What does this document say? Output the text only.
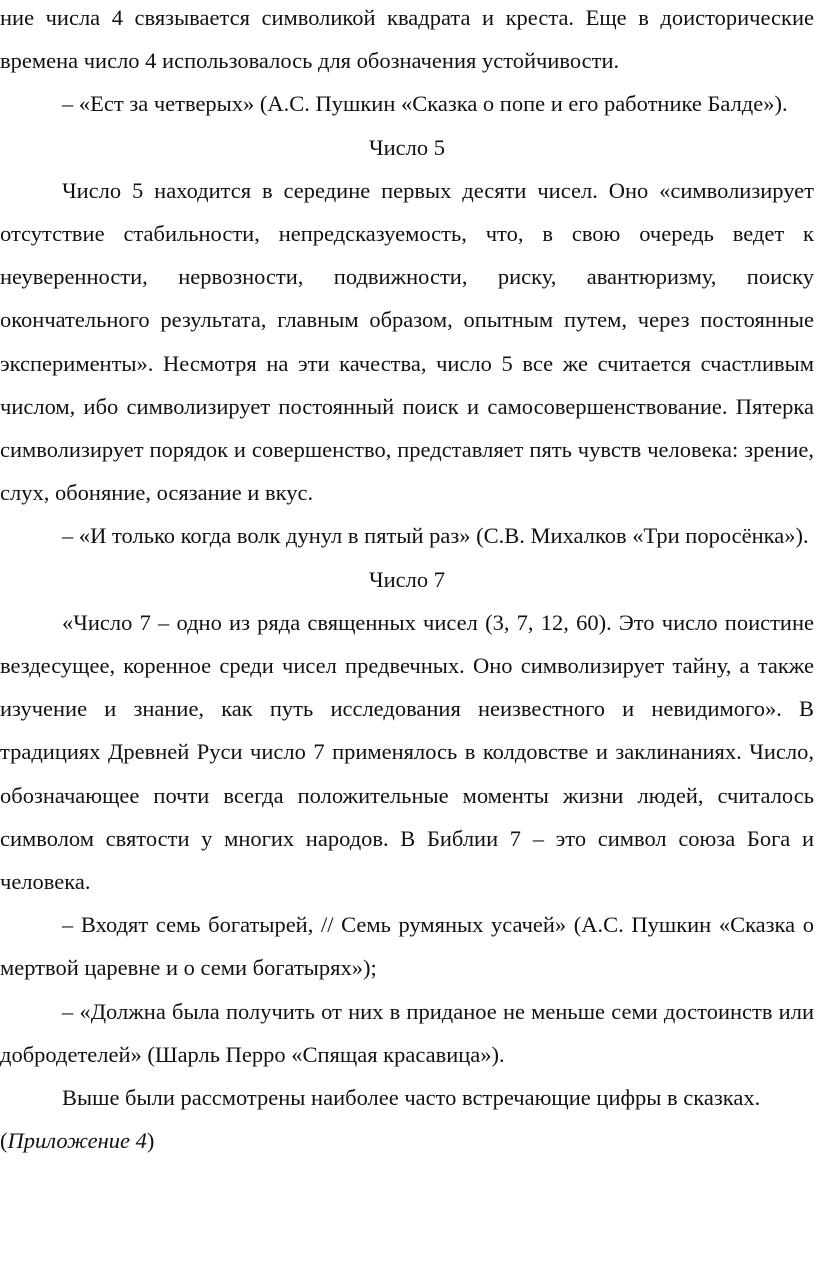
ние числа 4 связывается символикой квадрата и креста. Еще в доисторические времена число 4 использовалось для обозначения устойчивости.

– «Ест за четверых» (А.С. Пушкин «Сказка о попе и его работнике Балде»).

Число 5

Число 5 находится в середине первых десяти чисел. Оно «символизирует отсутствие стабильности, непредсказуемость, что, в свою очередь ведет к неуверенности, нервозности, подвижности, риску, авантюризму, поиску окончательного результата, главным образом, опытным путем, через постоянные эксперименты». Несмотря на эти качества, число 5 все же считается счастливым числом, ибо символизирует постоянный поиск и самосовершенствование. Пятерка символизирует порядок и совершенство, представляет пять чувств человека: зрение, слух, обоняние, осязание и вкус.

– «И только когда волк дунул в пятый раз» (С.В. Михалков «Три поросёнка»).

Число 7

«Число 7 – одно из ряда священных чисел (3, 7, 12, 60). Это число поистине вездесущее, коренное среди чисел предвечных. Оно символизирует тайну, а также изучение и знание, как путь исследования неизвестного и невидимого». В традициях Древней Руси число 7 применялось в колдовстве и заклинаниях. Число, обозначающее почти всегда положительные моменты жизни людей, считалось символом святости у многих народов. В Библии 7 – это символ союза Бога и человека.

– Входят семь богатырей, // Семь румяных усачей» (А.С. Пушкин «Сказка о мертвой царевне и о семи богатырях»);

– «Должна была получить от них в приданое не меньше семи достоинств или добродетелей» (Шарль Перро «Спящая красавица»).

Выше были рассмотрены наиболее часто встречающие цифры в сказках.

(Приложение 4)
